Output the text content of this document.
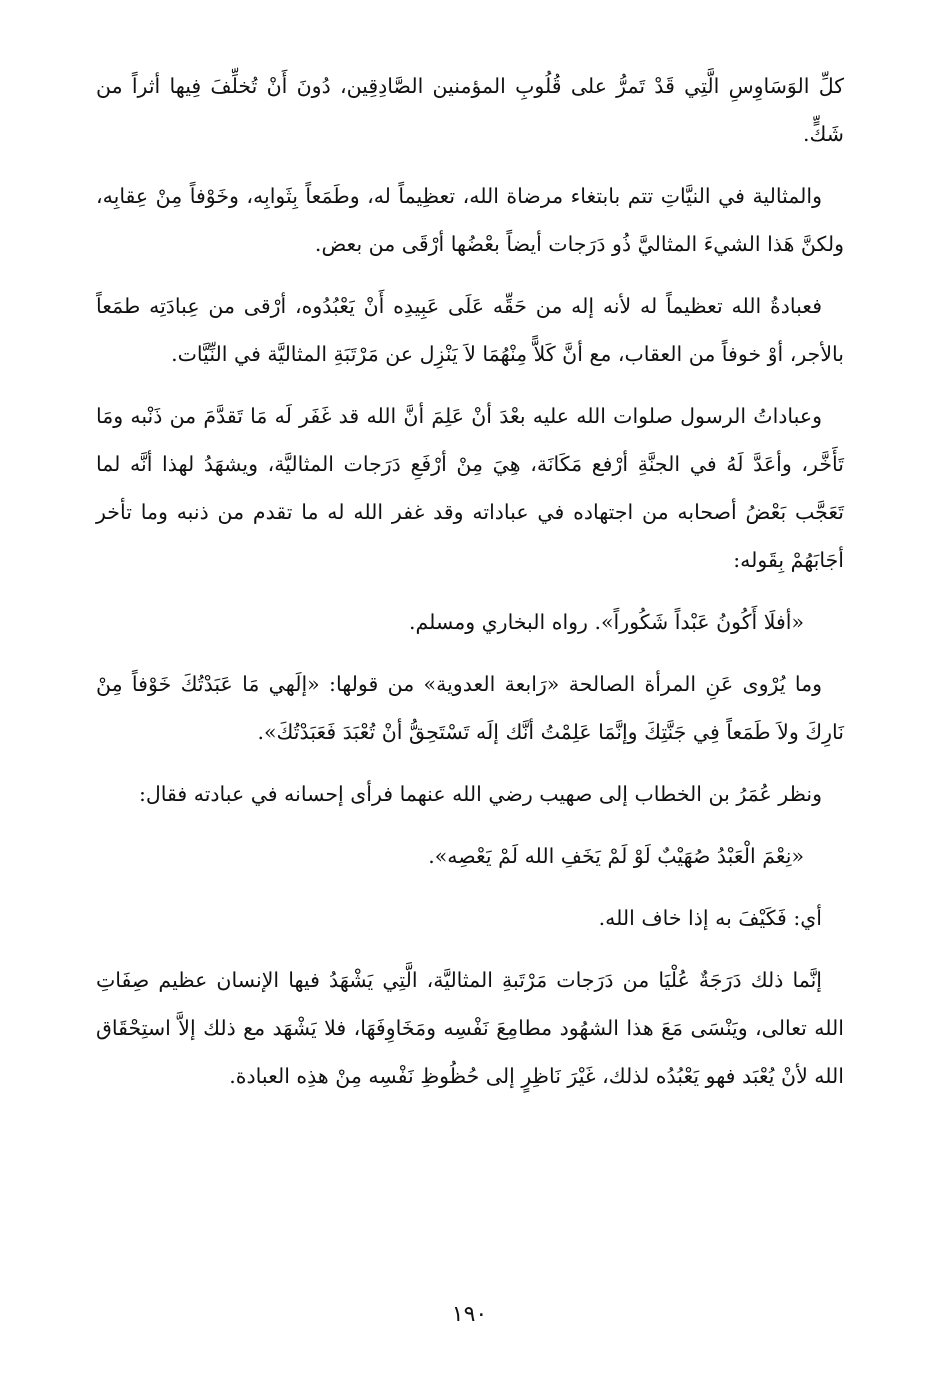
كلِّ الوَسَاوِسِ الَّتِي قَدْ تَمرُّ على قُلُوبِ المؤمنين الصَّادِقِين، دُونَ أَنْ تُخلِّفَ فِيها أثراً من شَكٍّ.

والمثالية في النيَّاتِ تتم بابتغاء مرضاة الله، تعظِيماً له، وطَمَعاً بِثَوابِه، وخَوْفاً مِنْ عِقابِه، ولكنَّ هَذا الشيءَ المثاليَّ ذُو دَرَجات أيضاً بعْضُها أرْقَى من بعض.

فعبادةُ الله تعظيماً له لأنه إله من حَقِّه عَلَى عَبِيدِه أَنْ يَعْبُدُوه، أرْقى من عِبادَتِه طمَعاً بالأجر، أوْ خوفاً من العقاب، مع أنَّ كَلاًّ مِنْهُمَا لاَ يَنْزِل عن مَرْتَبَةِ المثاليَّة في النِّيَّات.

وعباداتُ الرسول صلوات الله عليه بعْدَ أنْ عَلِمَ أنَّ الله قد غَفَر لَه مَا تَقدَّمَ من ذَنْبه ومَا تَأَخَّر، وأعَدَّ لَهُ في الجنَّةِ أرْفع مَكَانَة، هِيَ مِنْ أرْفَعِ دَرَجات المثاليَّة، ويشهَدُ لهذا أنَّه لما تَعَجَّب بَعْضُ أصحابه من اجتهاده في عباداته وقد غفر الله له ما تقدم من ذنبه وما تأخر أجَابَهُمْ بِقَوله:

«أفلَا أَكُونُ عَبْداً شَكُوراً». رواه البخاري ومسلم.

وما يُرْوى عَنِ المرأة الصالحة «رَابعة العدوية» من قولها: «إلَهي مَا عَبَدْتُكَ خَوْفاً مِنْ نَارِكَ ولاَ طَمَعاً فِي جَنَّتِكَ وإنَّمَا عَلِمْتُ أنَّك إلَه تَسْتَحِقُّ أنْ تُعْبَدَ فَعَبَدْتُكَ».

ونظر عُمَرُ بن الخطاب إلى صهيب رضي الله عنهما فرأى إحسانه في عبادته فقال:

«نِعْمَ الْعَبْدُ صُهَيْبٌ لَوْ لَمْ يَخَفِ الله لَمْ يَعْصِه».

أي: فَكَيْفَ به إذا خاف الله.

إنَّما ذلك دَرَجَةٌ عُلْيَا من دَرَجات مَرْتَبةِ المثاليَّة، الَّتِي يَشْهَدُ فيها الإنسان عظيم صِفَاتِ الله تعالى، ويَنْسَى مَعَ هذا الشهُود مطامِعَ نَفْسِه ومَخَاوِفَهَا، فلا يَشْهَد مع ذلك إلاَّ استِحْقَاق الله لأنْ يُعْبَد فهو يَعْبُدُه لذلك، غَيْرَ نَاظِرٍ إلى حُظُوظِ نَفْسِه مِنْ هذِه العبادة.

١٩٠
